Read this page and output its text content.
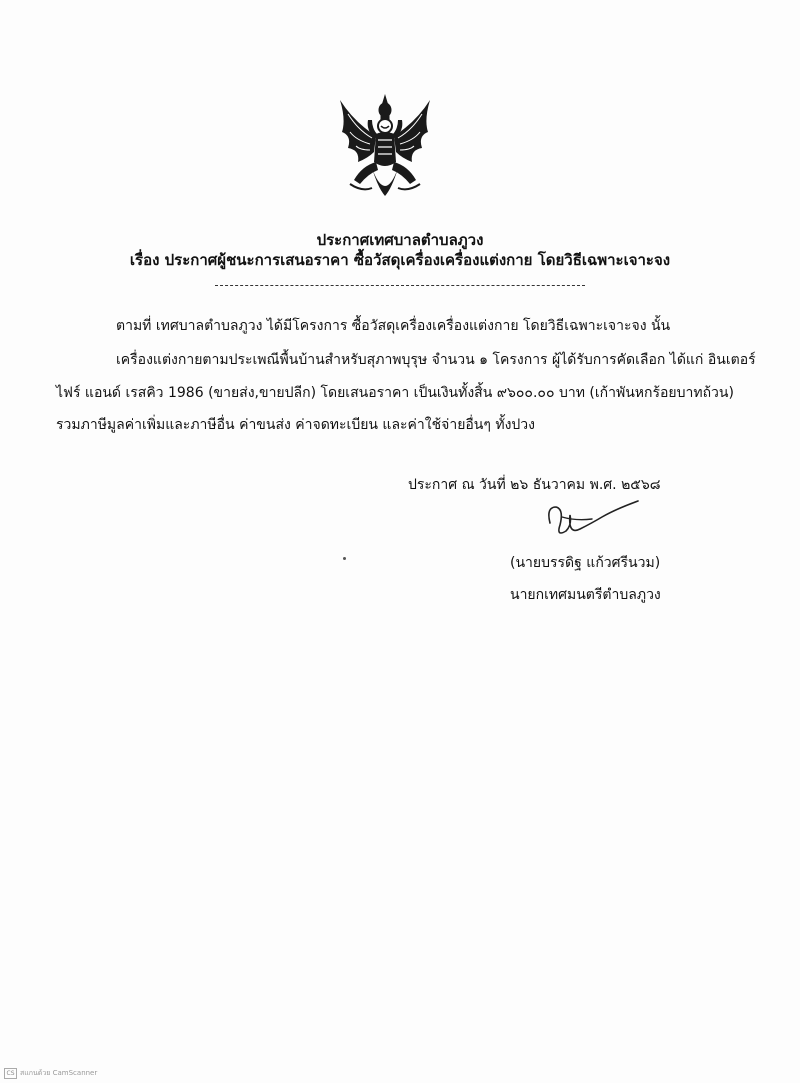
ประกาศเทศบาลตำบลภูวง
เรื่อง ประกาศผู้ชนะการเสนอราคา ซื้อวัสดุเครื่องเครื่องแต่งกาย โดยวิธีเฉพาะเจาะจง
ตามที่ เทศบาลตำบลภูวง ได้มีโครงการ ซื้อวัสดุเครื่องเครื่องแต่งกาย โดยวิธีเฉพาะเจาะจง นั้น
เครื่องแต่งกายตามประเพณีพื้นบ้านสำหรับสุภาพบุรุษ จำนวน ๑ โครงการ ผู้ได้รับการคัดเลือก ได้แก่ อินเตอร์
ไฟร์ แอนด์ เรสคิว 1986 (ขายส่ง,ขายปลีก) โดยเสนอราคา เป็นเงินทั้งสิ้น ๙๖๐๐.๐๐ บาท (เก้าพันหกร้อยบาทถ้วน)
รวมภาษีมูลค่าเพิ่มและภาษีอื่น ค่าขนส่ง ค่าจดทะเบียน และค่าใช้จ่ายอื่นๆ ทั้งปวง
ประกาศ ณ วันที่ ๒๖ ธันวาคม พ.ศ. ๒๕๖๘
(นายบรรดิฐ แก้วศรีนวม)
นายกเทศมนตรีตำบลภูวง
CS สแกนด้วย CamScanner
